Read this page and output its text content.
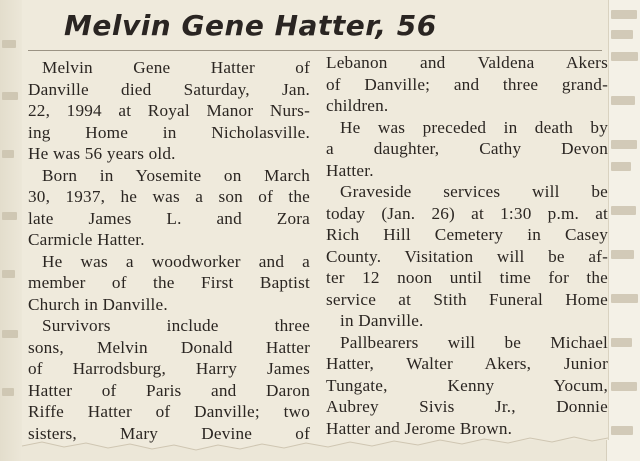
Melvin Gene Hatter, 56
Melvin Gene Hatter of
Danville died Saturday, Jan.
22, 1994 at Royal Manor Nurs-
ing Home in Nicholasville.
He was 56 years old.
Born in Yosemite on March
30, 1937, he was a son of the
late James L. and Zora
Carmicle Hatter.
He was a woodworker and a
member of the First Baptist
Church in Danville.
Survivors include three
sons, Melvin Donald Hatter
of Harrodsburg, Harry James
Hatter of Paris and Daron
Riffe Hatter of Danville; two
sisters, Mary Devine of
Lebanon and Valdena Akers
of Danville; and three grand-
children.
He was preceded in death by
a daughter, Cathy Devon
Hatter.
Graveside services will be
today (Jan. 26) at 1:30 p.m. at
Rich Hill Cemetery in Casey
County. Visitation will be af-
ter 12 noon until time for the
service at Stith Funeral Home
in Danville.
Pallbearers will be Michael
Hatter, Walter Akers, Junior
Tungate, Kenny Yocum,
Aubrey Sivis Jr., Donnie
Hatter and Jerome Brown.
